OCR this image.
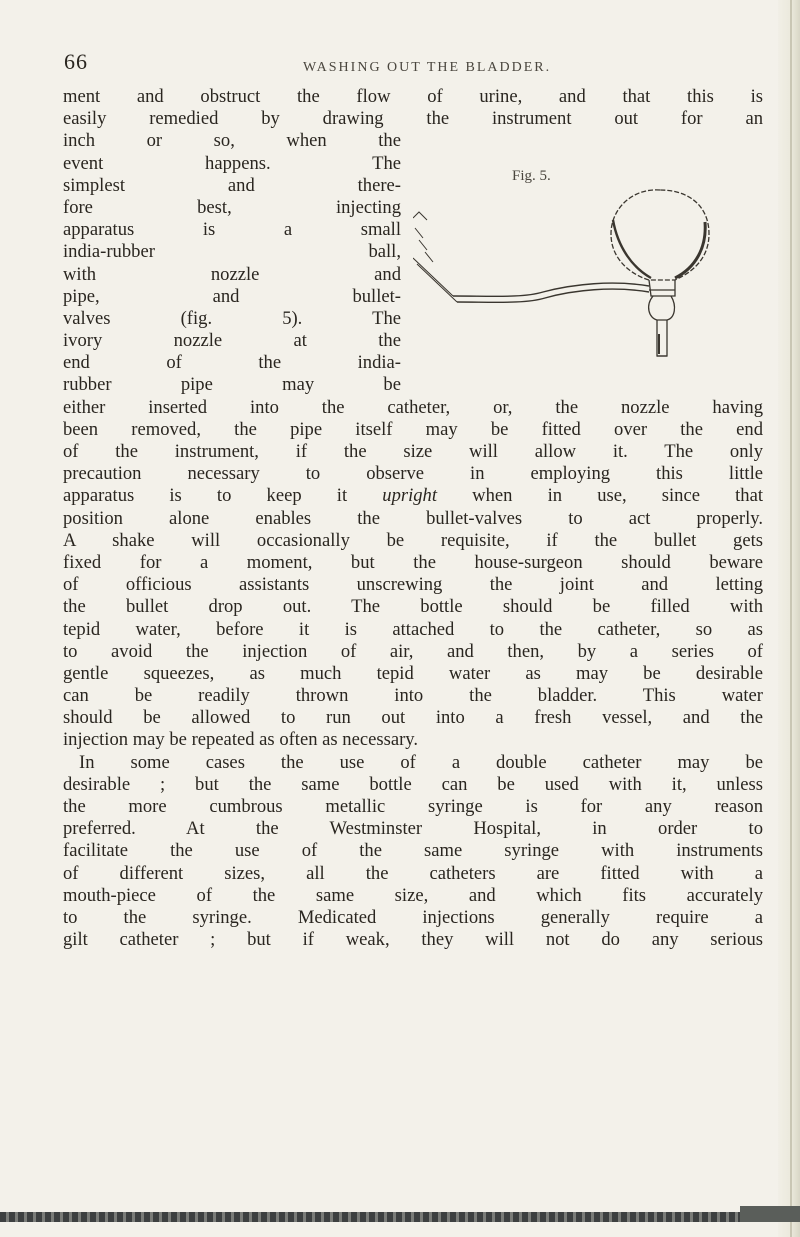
66	WASHING OUT THE BLADDER.
Fig. 5.
ment and obstruct the flow of urine, and that this is
easily remedied by drawing the instrument out for an
inch or so, when the
event happens. The
simplest and there-
fore best, injecting
apparatus is a small
india-rubber ball,
with nozzle and
pipe, and bullet-
valves (fig. 5). The
ivory nozzle at the
end of the india-
rubber pipe may be
either inserted into the catheter, or, the nozzle having
been removed, the pipe itself may be fitted over the end
of the instrument, if the size will allow it. The only
precaution necessary to observe in employing this little
apparatus is to keep it upright when in use, since that
position alone enables the bullet-valves to act properly.
A shake will occasionally be requisite, if the bullet gets
fixed for a moment, but the house-surgeon should beware
of officious assistants unscrewing the joint and letting
the bullet drop out. The bottle should be filled with
tepid water, before it is attached to the catheter, so as
to avoid the injection of air, and then, by a series of
gentle squeezes, as much tepid water as may be desirable
can be readily thrown into the bladder. This water
should be allowed to run out into a fresh vessel, and the
injection may be repeated as often as necessary.
In some cases the use of a double catheter may be
desirable ; but the same bottle can be used with it, unless
the more cumbrous metallic syringe is for any reason
preferred. At the Westminster Hospital, in order to
facilitate the use of the same syringe with instruments
of different sizes, all the catheters are fitted with a
mouth-piece of the same size, and which fits accurately
to the syringe. Medicated injections generally require a
gilt catheter ; but if weak, they will not do any serious
